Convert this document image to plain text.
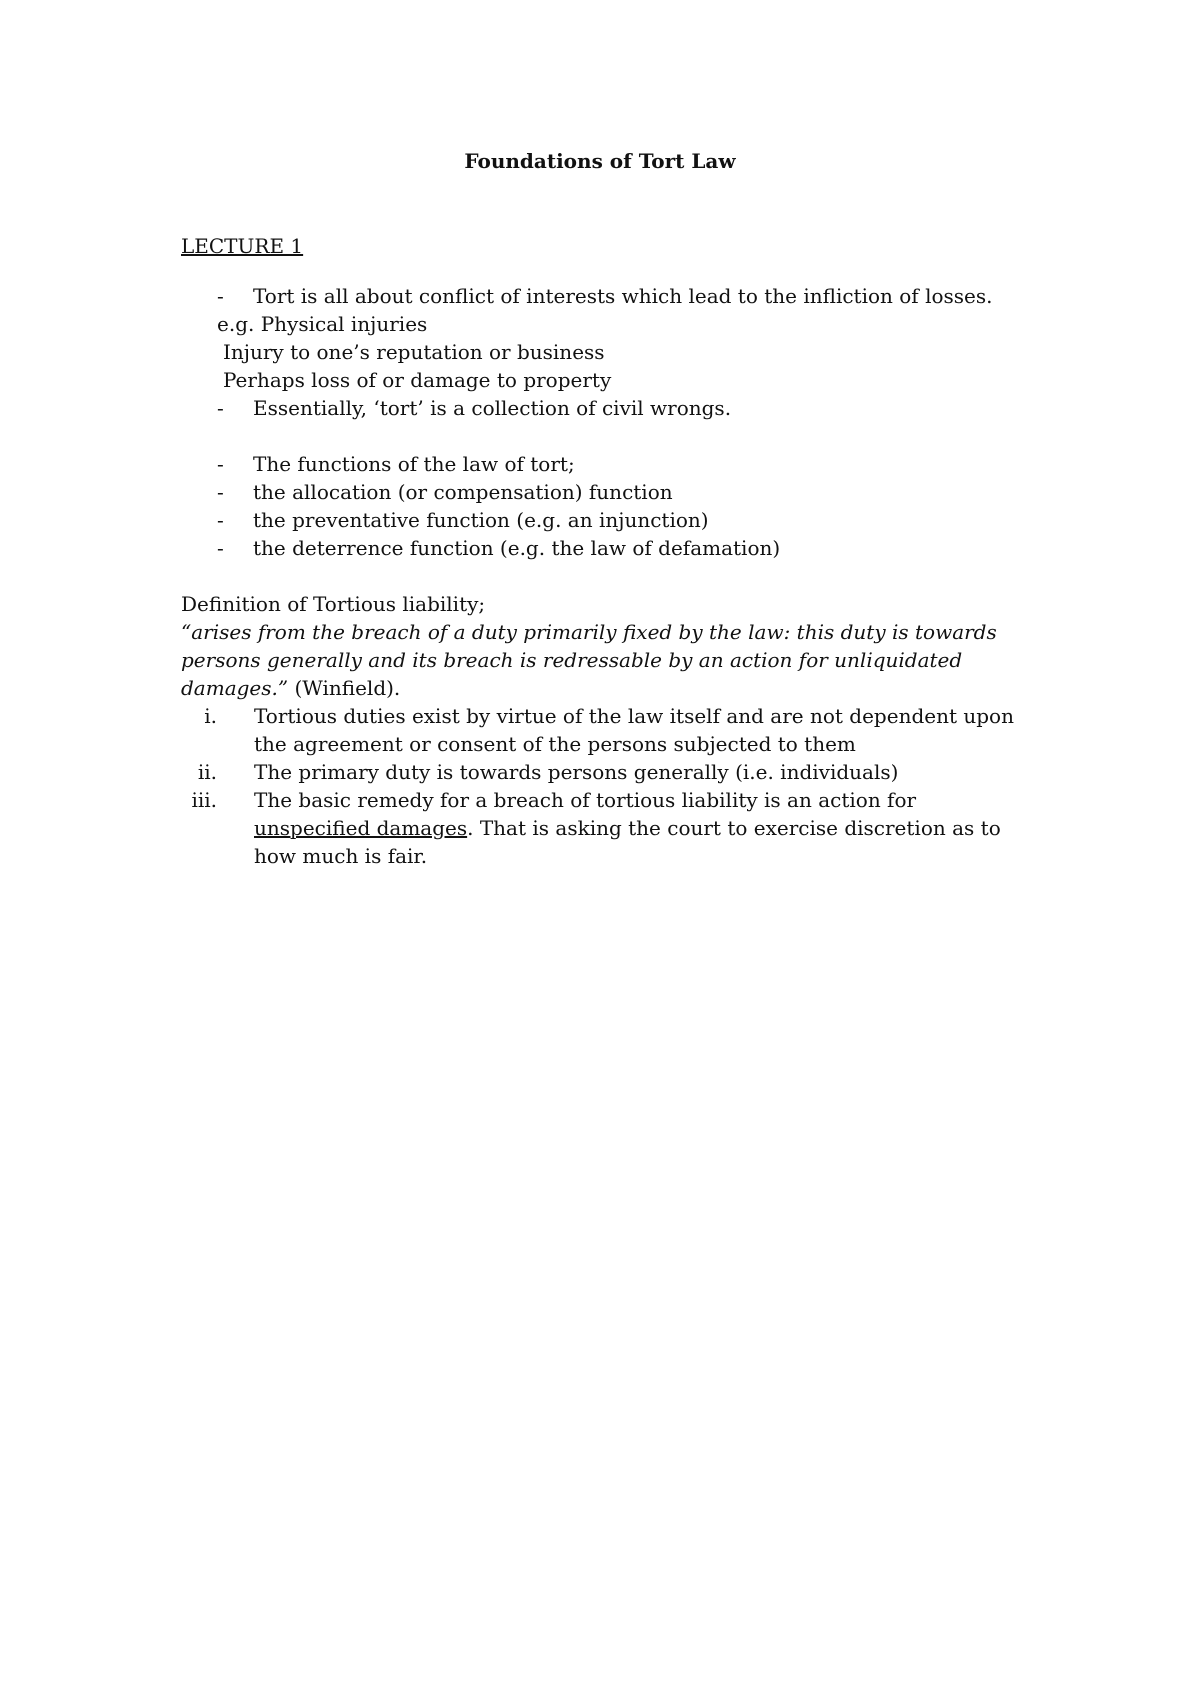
Foundations of Tort Law
LECTURE 1
-	Tort is all about conflict of interests which lead to the infliction of losses.
e.g. Physical injuries
Injury to one’s reputation or business
Perhaps loss of or damage to property
-	Essentially, ‘tort’ is a collection of civil wrongs.
-	The functions of the law of tort;
-	the allocation (or compensation) function
-	the preventative function (e.g. an injunction)
-	the deterrence function (e.g. the law of defamation)
Definition of Tortious liability;
“arises from the breach of a duty primarily fixed by the law: this duty is towards persons generally and its breach is redressable by an action for unliquidated damages.” (Winfield).
i. Tortious duties exist by virtue of the law itself and are not dependent upon the agreement or consent of the persons subjected to them
ii. The primary duty is towards persons generally (i.e. individuals)
iii. The basic remedy for a breach of tortious liability is an action for unspecified damages. That is asking the court to exercise discretion as to how much is fair.
